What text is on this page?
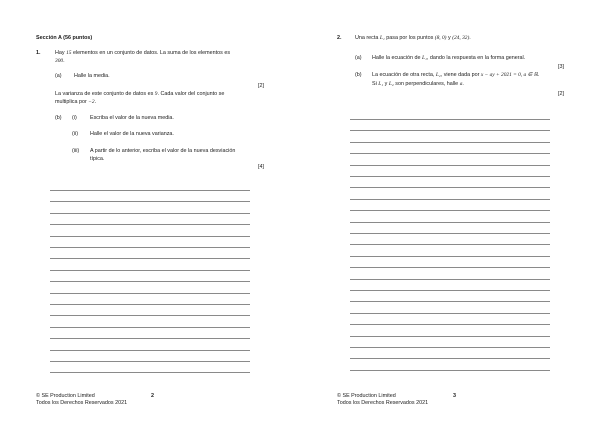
Sección A (56 puntos)
1.	Hay 15 elementos en un conjunto de datos. La suma de los elementos es
300.
(a) Halle la media.
[2]
La varianza de este conjunto de datos es 9. Cada valor del conjunto se
multiplica por −2.
(b) (i) Escriba el valor de la nueva media.
(ii) Halle el valor de la nueva varianza.
(iii) A partir de lo anterior, escriba el valor de la nueva desviación
típica.
[4]
© SE Production Limited
Todos los Derechos Reservados 2021
2
2.	Una recta L₁ pasa por los puntos (8, 0) y (24, 32).
(a) Halle la ecuación de L₁, dando la respuesta en la forma general.
[3]
(b) La ecuación de otra recta, L₂, viene dada por x − ay + 2021 = 0, a ∈ ℝ.
Si L₁ y L₂ son perpendiculares, halle a.
[2]
© SE Production Limited
Todos los Derechos Reservados 2021
3
